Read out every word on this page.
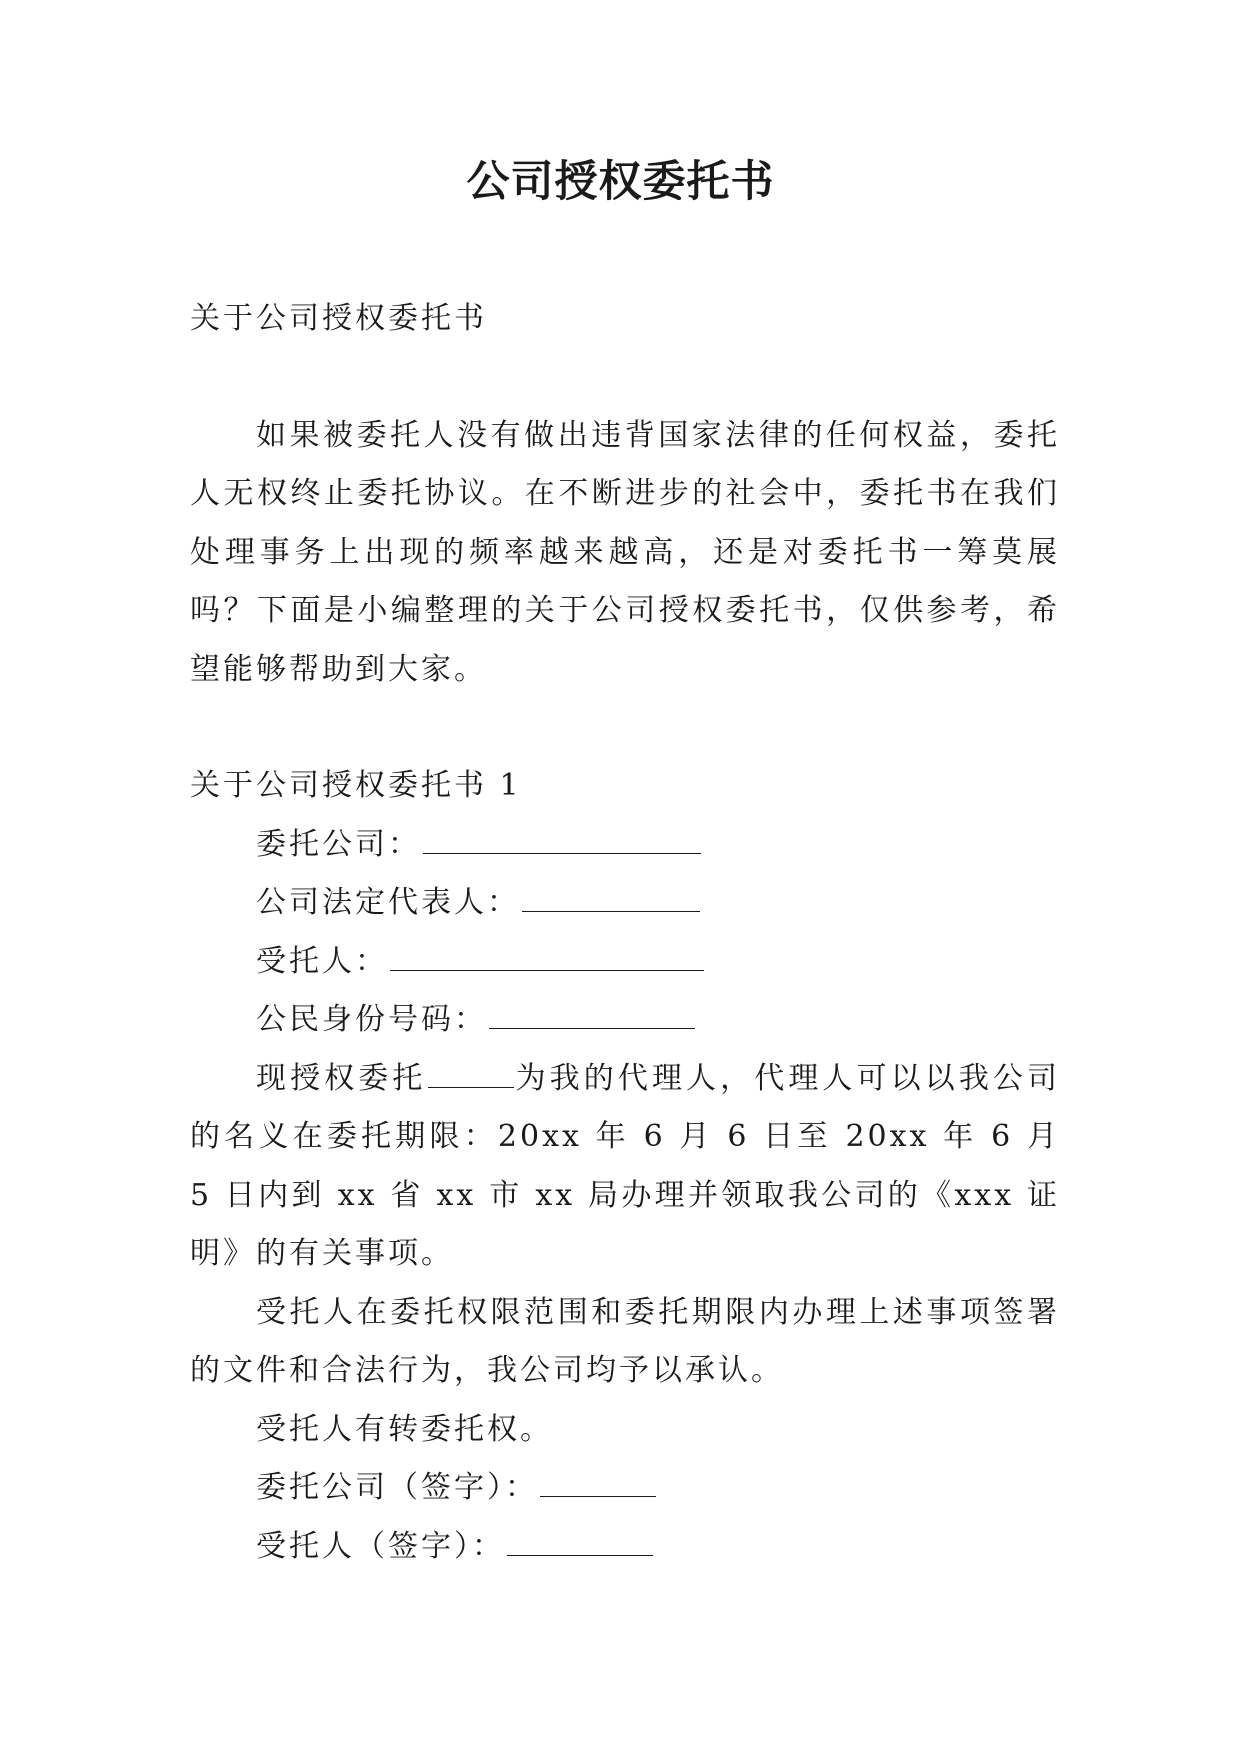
公司授权委托书

关于公司授权委托书

如果被委托人没有做出违背国家法律的任何权益，委托人无权终止委托协议。在不断进步的社会中，委托书在我们处理事务上出现的频率越来越高，还是对委托书一筹莫展吗？下面是小编整理的关于公司授权委托书，仅供参考，希望能够帮助到大家。

关于公司授权委托书 1

委托公司：

公司法定代表人：

受托人：

公民身份号码：

现授权委托	为我的代理人，代理人可以以我公司的名义在委托期限：20xx 年 6 月 6 日至 20xx 年 6 月 5 日内到 xx 省 xx 市 xx 局办理并领取我公司的《xxx 证明》的有关事项。

受托人在委托权限范围和委托期限内办理上述事项签署的文件和合法行为，我公司均予以承认。

受托人有转委托权。

委托公司（签字）：

受托人（签字）：
